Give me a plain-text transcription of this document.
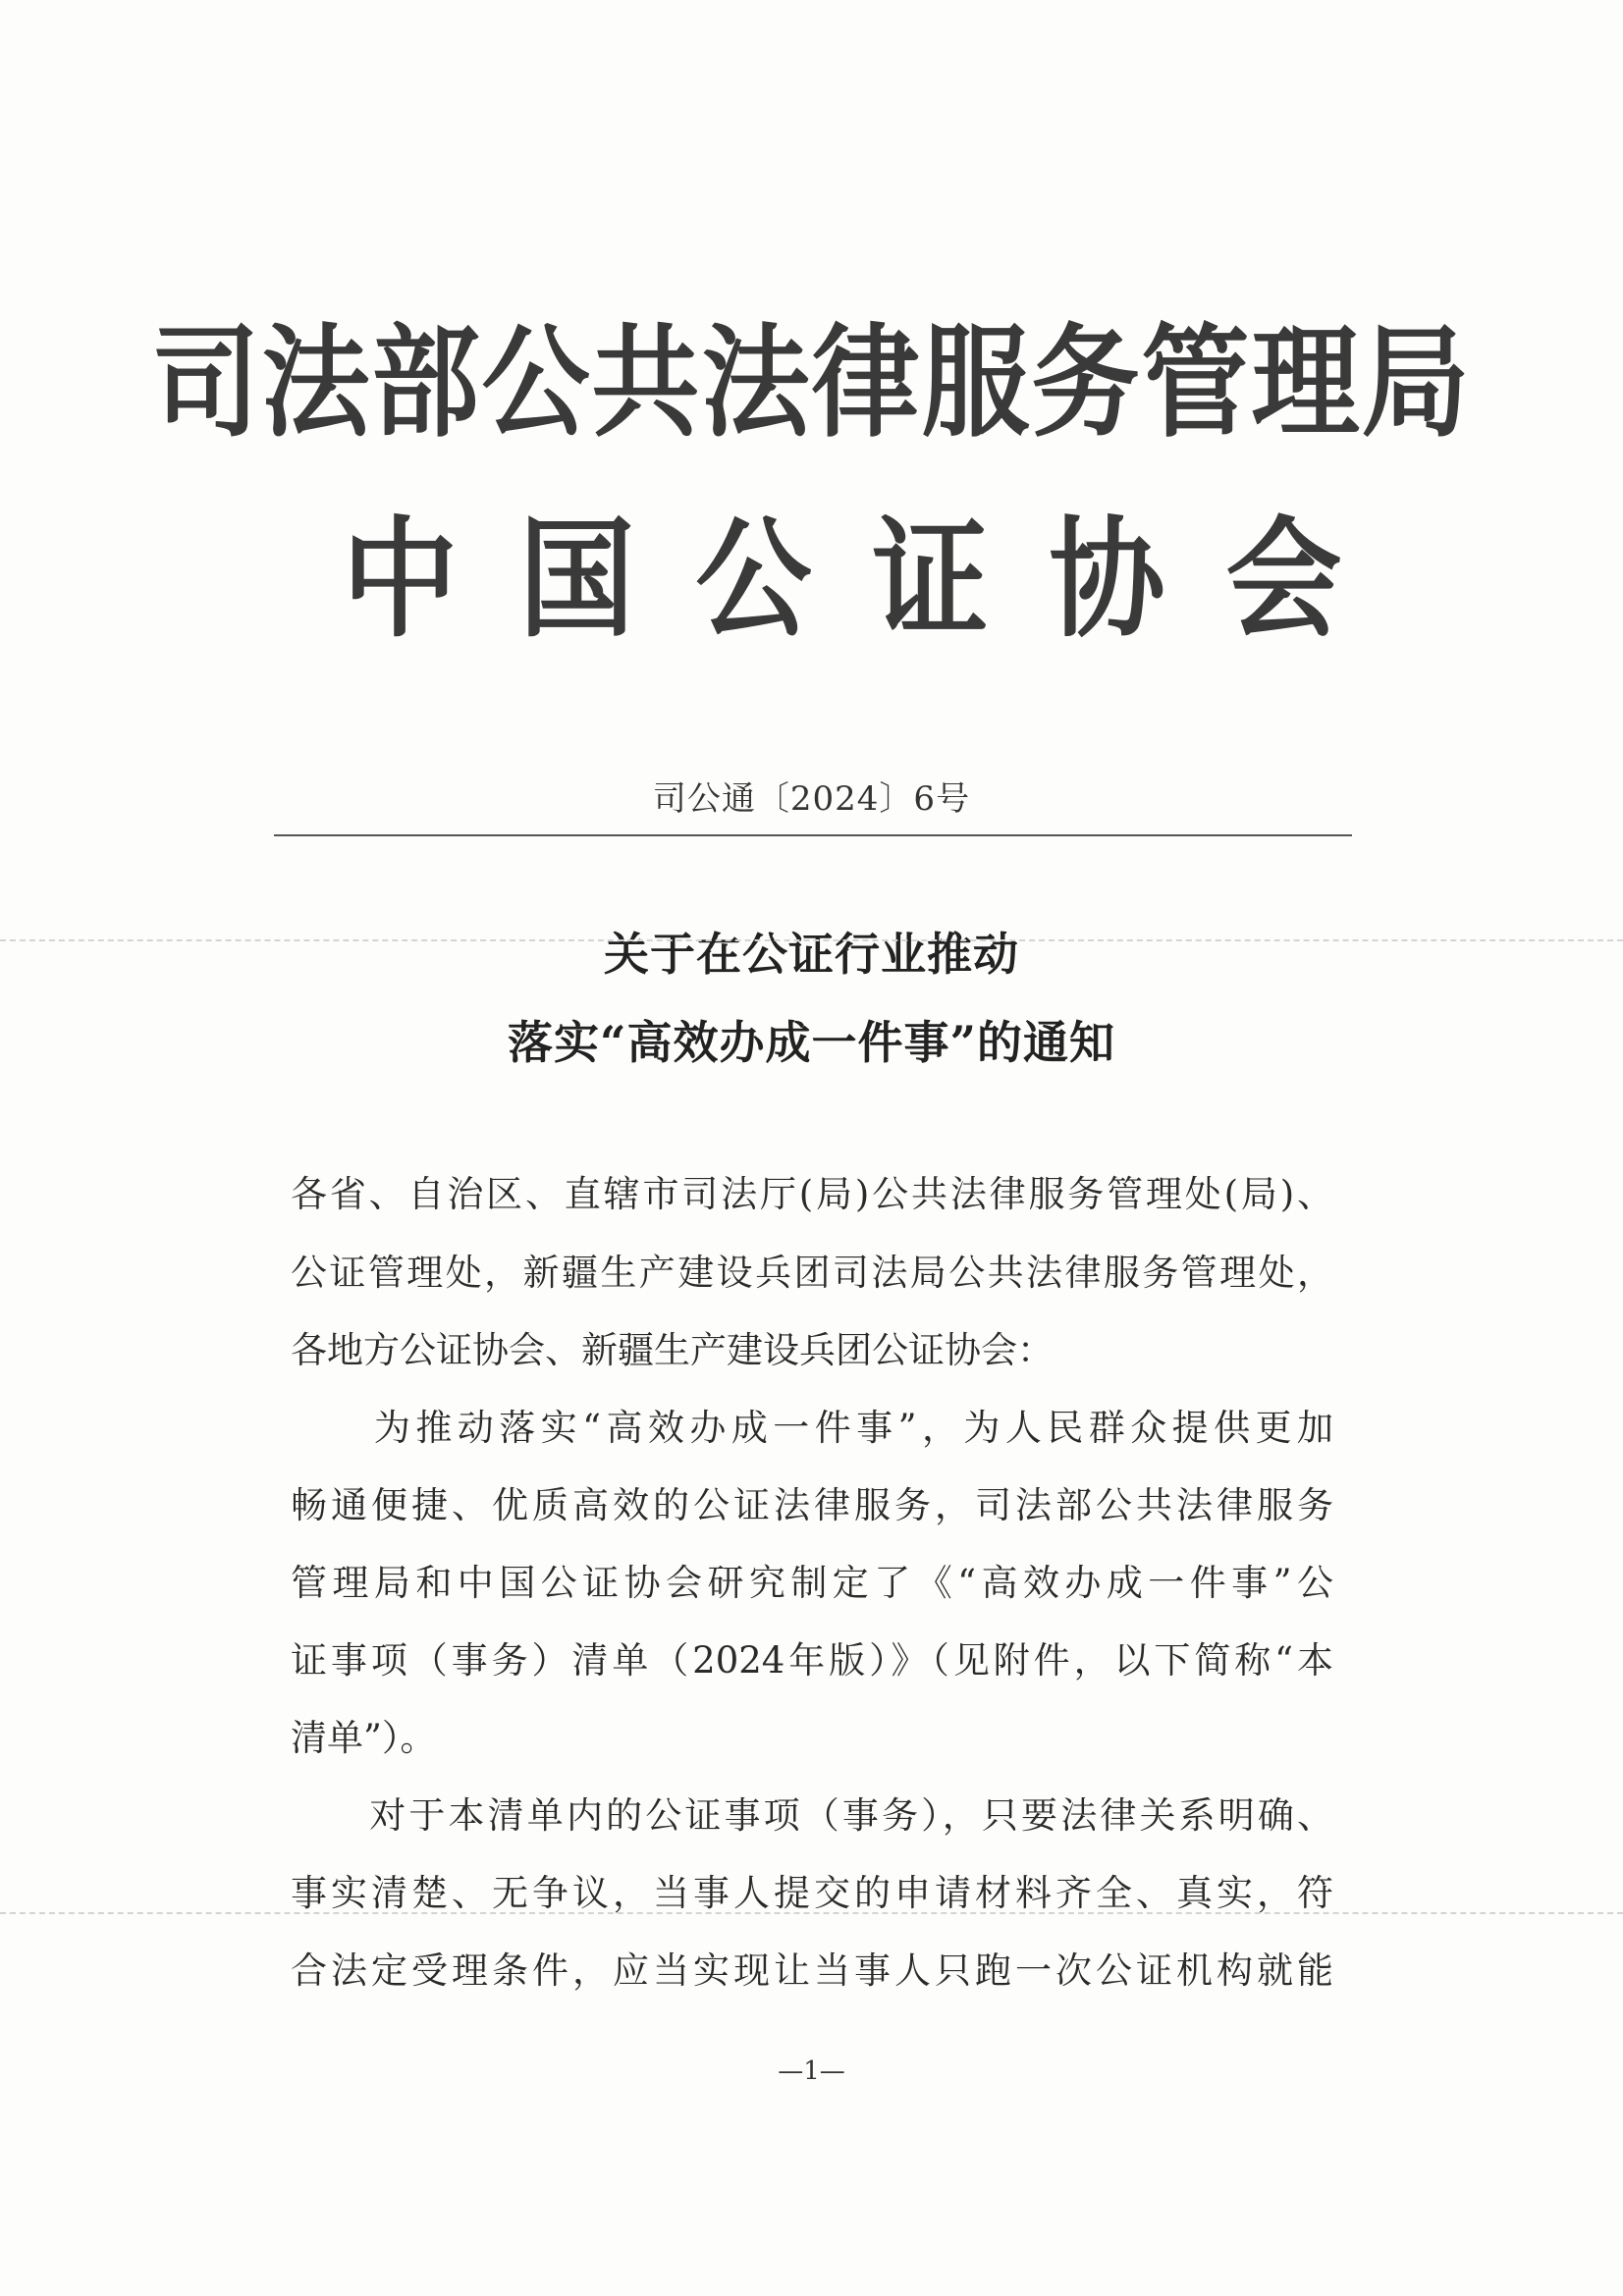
司法部公共法律服务管理局
中国公证协会
司公通〔2024〕6号
关于在公证行业推动
落实“高效办成一件事”的通知
各省、自治区、直辖市司法厅(局)公共法律服务管理处(局)、
公证管理处，新疆生产建设兵团司法局公共法律服务管理处，
各地方公证协会、新疆生产建设兵团公证协会：
　　为推动落实“高效办成一件事”，为人民群众提供更加
畅通便捷、优质高效的公证法律服务，司法部公共法律服务
管理局和中国公证协会研究制定了《“高效办成一件事”公
证事项（事务）清单（2024年版）》（见附件，以下简称“本
清单”）。
　　对于本清单内的公证事项（事务），只要法律关系明确、
事实清楚、无争议，当事人提交的申请材料齐全、真实，符
合法定受理条件，应当实现让当事人只跑一次公证机构就能
—1—
